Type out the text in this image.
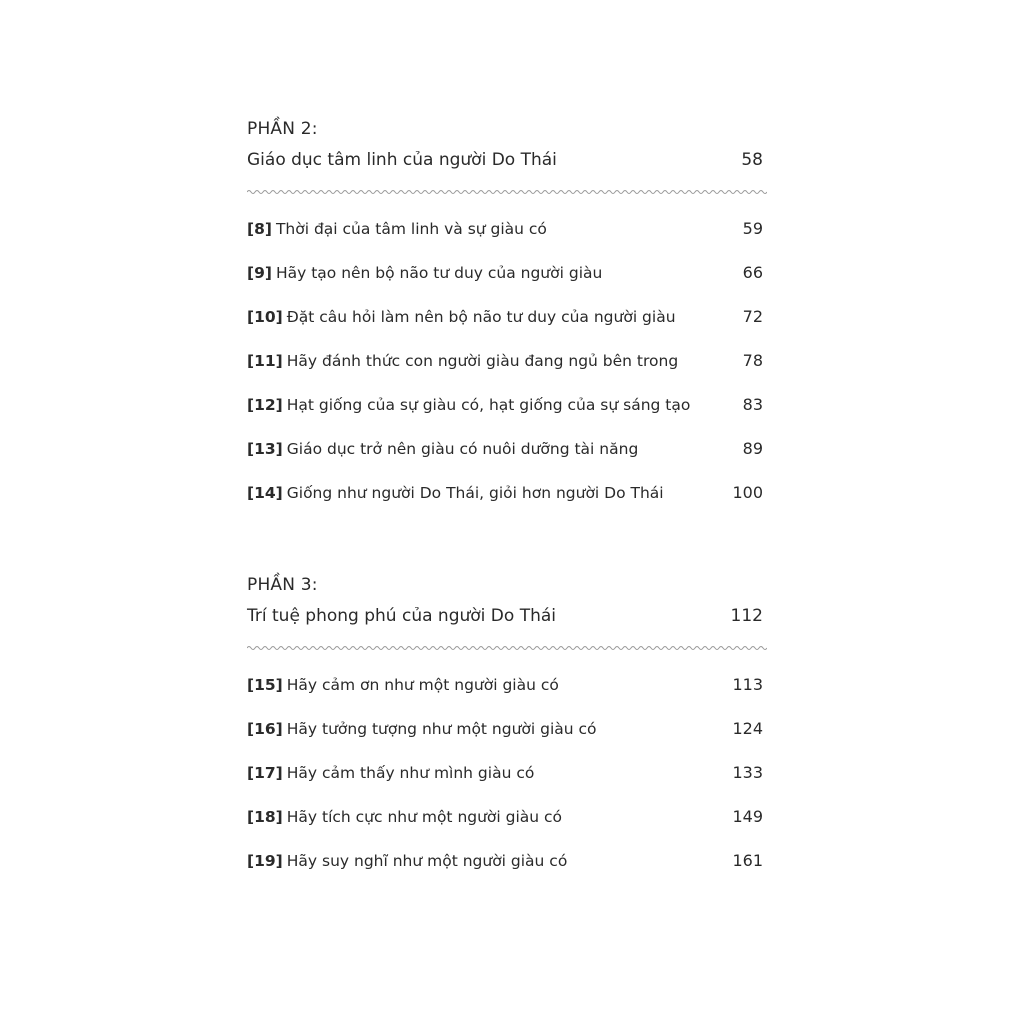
PHẦN 2:
Giáo dục tâm linh của người Do Thái	58
[8] Thời đại của tâm linh và sự giàu có	59
[9] Hãy tạo nên bộ não tư duy của người giàu	66
[10] Đặt câu hỏi làm nên bộ não tư duy của người giàu	72
[11] Hãy đánh thức con người giàu đang ngủ bên trong	78
[12] Hạt giống của sự giàu có, hạt giống của sự sáng tạo	83
[13] Giáo dục trở nên giàu có nuôi dưỡng tài năng	89
[14] Giống như người Do Thái, giỏi hơn người Do Thái	100
PHẦN 3:
Trí tuệ phong phú của người Do Thái	112
[15] Hãy cảm ơn như một người giàu có	113
[16] Hãy tưởng tượng như một người giàu có	124
[17] Hãy cảm thấy như mình giàu có	133
[18] Hãy tích cực như một người giàu có	149
[19] Hãy suy nghĩ như một người giàu có	161
